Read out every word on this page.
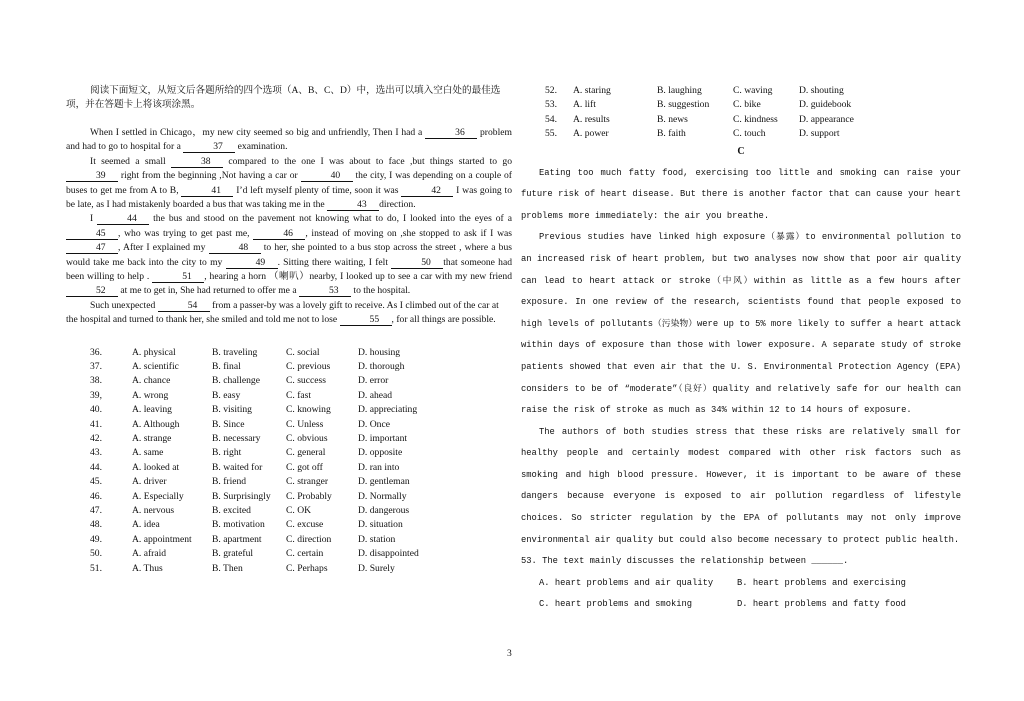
阅读下面短文，从短文后各题所给的四个选项（A、B、C、D）中，选出可以填入空白处的最佳选项，并在答题卡上将该项涂黑。

When I settled in Chicago，my new city seemed so big and unfriendly, Then I had a	36 problem and had to go to hospital for a	37 examination.

It seemed a small	38 compared to the one I was about to face ,but things started to go 39 right from the beginning ,Not having a car or	40 the city, I was depending on a couple of buses to get me from A to B,	41 I’d left myself plenty of time, soon it was	42 I was going to be late, as I had mistakenly boarded a bus that was taking me in the	43 direction.

I	44 the bus and stood on the pavement not knowing what to do, I looked into the eyes of a 45 , who was trying to get past me,	46 , instead of moving on ,she stopped to ask if I was 47 , After I explained my	48 to her, she pointed to a bus stop across the street , where a bus would take me back into the city to my	49 . Sitting there waiting, I felt	50 that someone had been willing to help .	51 , hearing a horn （喇叭）nearby, I looked up to see a car with my new friend 52 at me to get in, She had returned to offer me a	53 to the hospital.

Such unexpected	54 from a passer-by was a lovely gift to receive. As I climbed out of the car at the hospital and turned to thank her, she smiled and told me not to lose	55 , for all things are possible.

36.	A. physical	B. traveling	C. social	D. housing
37.	A. scientific	B. final	C. previous	D. thorough
38.	A. chance	B. challenge	C. success	D. error
39,	A. wrong	B. easy	C. fast	D. ahead
40.	A. leaving	B. visiting	C. knowing	D. appreciating
41.	A. Although	B. Since	C. Unless	D. Once
42.	A. strange	B. necessary	C. obvious	D. important
43.	A. same	B. right	C. general	D. opposite
44.	A. looked at	B. waited for	C. got off	D. ran into
45.	A. driver	B. friend	C. stranger	D. gentleman
46.	A. Especially	B. Surprisingly	C. Probably	D. Normally
47.	A. nervous	B. excited	C. OK	D. dangerous
48.	A. idea	B. motivation	C. excuse	D. situation
49.	A. appointment	B. apartment	C. direction	D. station
50.	A. afraid	B. grateful	C. certain	D. disappointed
51.	A. Thus	B. Then	C. Perhaps	D. Surely
52.	A. staring	B. laughing	C. waving	D. shouting
53.	A. lift	B. suggestion	C. bike	D. guidebook
54.	A. results	B. news	C. kindness	D. appearance
55.	A. power	B. faith	C. touch	D. support
C

Eating too much fatty food, exercising too little and smoking can raise your future risk of heart disease. But there is another factor that can cause your heart problems more immediately: the air you breathe.

Previous studies have linked high exposure（暴露）to environmental pollution to an increased risk of heart problem, but two analyses now show that poor air quality can lead to heart attack or stroke（中风）within as little as a few hours after exposure. In one review of the research, scientists found that people exposed to high levels of pollutants（污染物）were up to 5% more likely to suffer a heart attack within days of exposure than those with lower exposure. A separate study of stroke patients showed that even air that the U. S. Environmental Protection Agency (EPA) considers to be of “moderate”（良好）quality and relatively safe for our health can raise the risk of stroke as much as 34% within 12 to 14 hours of exposure.

The authors of both studies stress that these risks are relatively small for healthy people and certainly modest compared with other risk factors such as smoking and high blood pressure. However, it is important to be aware of these dangers because everyone is exposed to air pollution regardless of lifestyle choices. So stricter regulation by the EPA of pollutants may not only improve environmental air quality but could also become necessary to protect public health.

53. The text mainly discusses the relationship between ______.
A. heart problems and air quality	B. heart problems and exercising
C. heart problems and smoking	D. heart problems and fatty food
3
